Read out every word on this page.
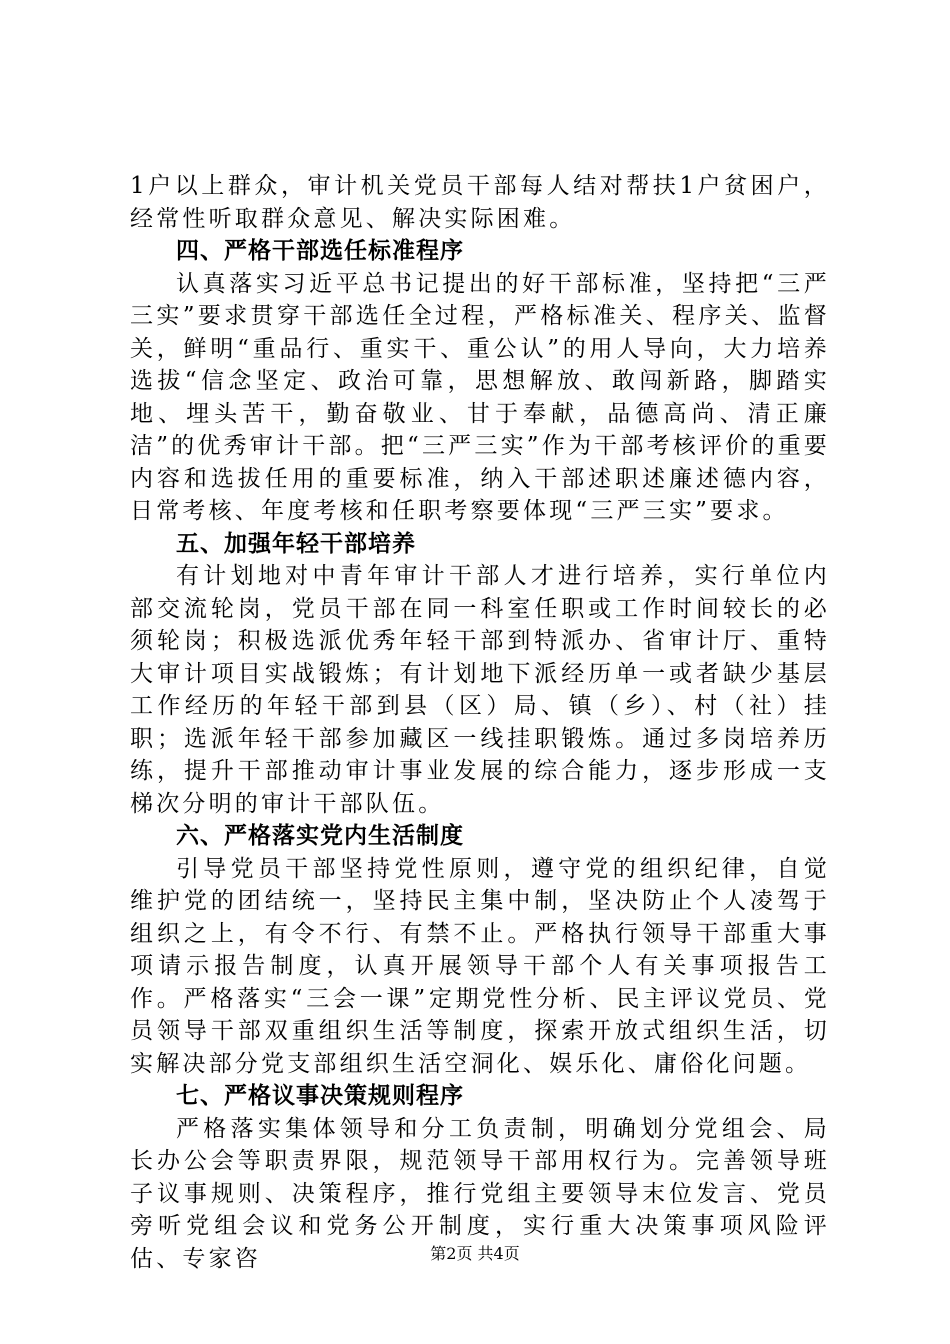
1户以上群众，审计机关党员干部每人结对帮扶1户贫困户，经常性听取群众意见、解决实际困难。

四、严格干部选任标准程序

认真落实习近平总书记提出的好干部标准，坚持把“三严三实”要求贯穿干部选任全过程，严格标准关、程序关、监督关，鲜明“重品行、重实干、重公认”的用人导向，大力培养选拔“信念坚定、政治可靠，思想解放、敢闯新路，脚踏实地、埋头苦干，勤奋敬业、甘于奉献，品德高尚、清正廉洁”的优秀审计干部。把“三严三实”作为干部考核评价的重要内容和选拔任用的重要标准，纳入干部述职述廉述德内容，日常考核、年度考核和任职考察要体现“三严三实”要求。

五、加强年轻干部培养

有计划地对中青年审计干部人才进行培养，实行单位内部交流轮岗，党员干部在同一科室任职或工作时间较长的必须轮岗；积极选派优秀年轻干部到特派办、省审计厅、重特大审计项目实战锻炼；有计划地下派经历单一或者缺少基层工作经历的年轻干部到县（区）局、镇（乡）、村（社）挂职；选派年轻干部参加藏区一线挂职锻炼。通过多岗培养历练，提升干部推动审计事业发展的综合能力，逐步形成一支梯次分明的审计干部队伍。

六、严格落实党内生活制度

引导党员干部坚持党性原则，遵守党的组织纪律，自觉维护党的团结统一，坚持民主集中制，坚决防止个人凌驾于组织之上，有令不行、有禁不止。严格执行领导干部重大事项请示报告制度，认真开展领导干部个人有关事项报告工作。严格落实“三会一课”定期党性分析、民主评议党员、党员领导干部双重组织生活等制度，探索开放式组织生活，切实解决部分党支部组织生活空洞化、娱乐化、庸俗化问题。

七、严格议事决策规则程序

严格落实集体领导和分工负责制，明确划分党组会、局长办公会等职责界限，规范领导干部用权行为。完善领导班子议事规则、决策程序，推行党组主要领导末位发言、党员旁听党组会议和党务公开制度，实行重大决策事项风险评估、专家咨	第2页 共4页
